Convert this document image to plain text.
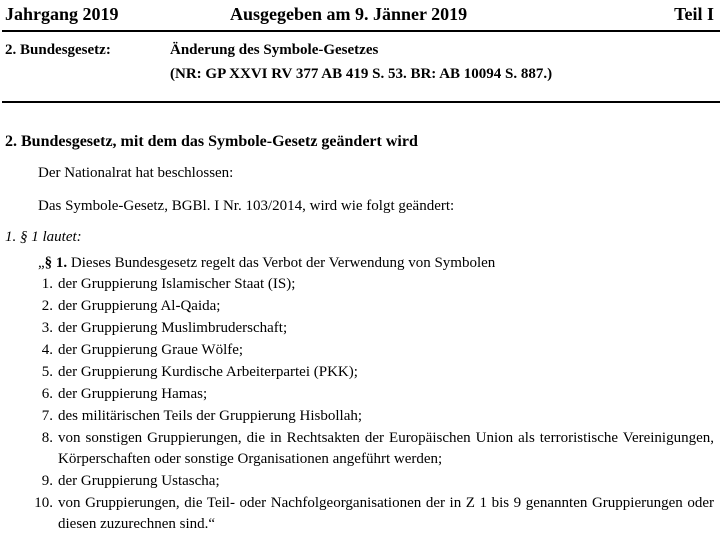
Jahrgang 2019	Ausgegeben am 9. Jänner 2019	Teil I
2. Bundesgesetz:	Änderung des Symbole-Gesetzes
(NR: GP XXVI RV 377 AB 419 S. 53. BR: AB 10094 S. 887.)
2. Bundesgesetz, mit dem das Symbole-Gesetz geändert wird
Der Nationalrat hat beschlossen:
Das Symbole-Gesetz, BGBl. I Nr. 103/2014, wird wie folgt geändert:
1. § 1 lautet:
„§ 1. Dieses Bundesgesetz regelt das Verbot der Verwendung von Symbolen
1. der Gruppierung Islamischer Staat (IS);
2. der Gruppierung Al-Qaida;
3. der Gruppierung Muslimbruderschaft;
4. der Gruppierung Graue Wölfe;
5. der Gruppierung Kurdische Arbeiterpartei (PKK);
6. der Gruppierung Hamas;
7. des militärischen Teils der Gruppierung Hisbollah;
8. von sonstigen Gruppierungen, die in Rechtsakten der Europäischen Union als terroristische Vereinigungen, Körperschaften oder sonstige Organisationen angeführt werden;
9. der Gruppierung Ustascha;
10. von Gruppierungen, die Teil- oder Nachfolgeorganisationen der in Z 1 bis 9 genannten Gruppierungen oder diesen zuzurechnen sind.“
